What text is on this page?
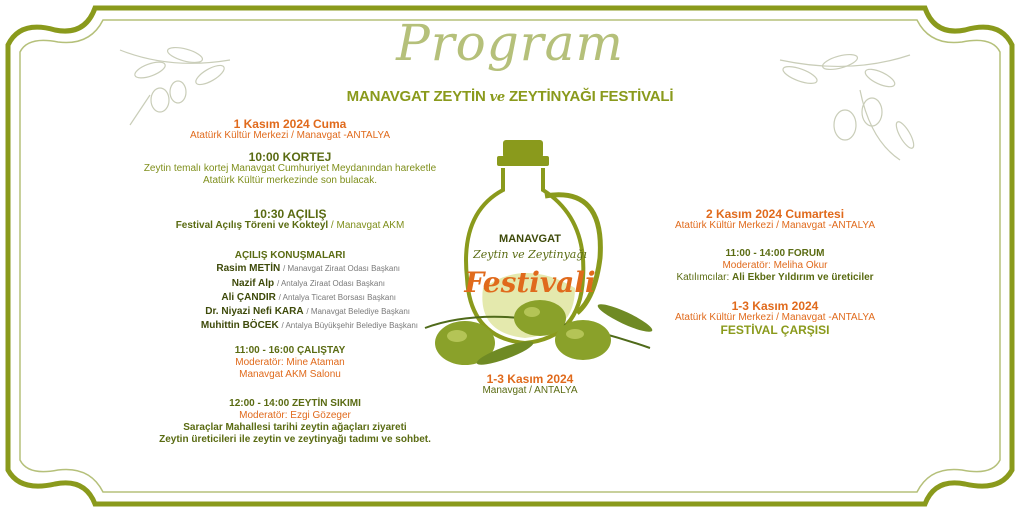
Program
MANAVGAT ZEYTİN ve ZEYTİNYAĞI FESTİVALİ
1 Kasım 2024 Cuma
Atatürk Kültür Merkezi / Manavgat -ANTALYA
10:00 KORTEJ
Zeytin temalı kortej Manavgat Cumhuriyet Meydanından hareketle
Atatürk Kültür merkezinde son bulacak.
10:30 AÇILIŞ
Festival Açılış Töreni ve Kokteyl / Manavgat AKM
AÇILIŞ KONUŞMALARI
Rasim METİN / Manavgat Ziraat Odası Başkanı
Nazif Alp / Antalya Ziraat Odası Başkanı
Ali ÇANDIR / Antalya Ticaret Borsası Başkanı
Dr. Niyazi Nefi KARA / Manavgat Belediye Başkanı
Muhittin BÖCEK / Antalya Büyükşehir Belediye Başkanı
11:00 - 16:00 ÇALIŞTAY
Moderatör: Mine Ataman
Manavgat AKM Salonu
12:00 - 14:00 ZEYTİN SIKIMI
Moderatör: Ezgi Gözeger
Saraçlar Mahallesi tarihi zeytin ağaçları ziyareti
Zeytin üreticileri ile zeytin ve zeytinyağı tadımı ve sohbet.
MANAVGAT
Zeytin ve Zeytinyağı
Festivali
1-3 Kasım 2024
Manavgat / ANTALYA
2 Kasım 2024 Cumartesi
Atatürk Kültür Merkezi / Manavgat -ANTALYA
11:00 - 14:00 FORUM
Moderatör: Meliha Okur
Katılımcılar: Ali Ekber Yıldırım ve üreticiler
1-3 Kasım 2024
Atatürk Kültür Merkezi / Manavgat -ANTALYA
FESTİVAL ÇARŞISI
